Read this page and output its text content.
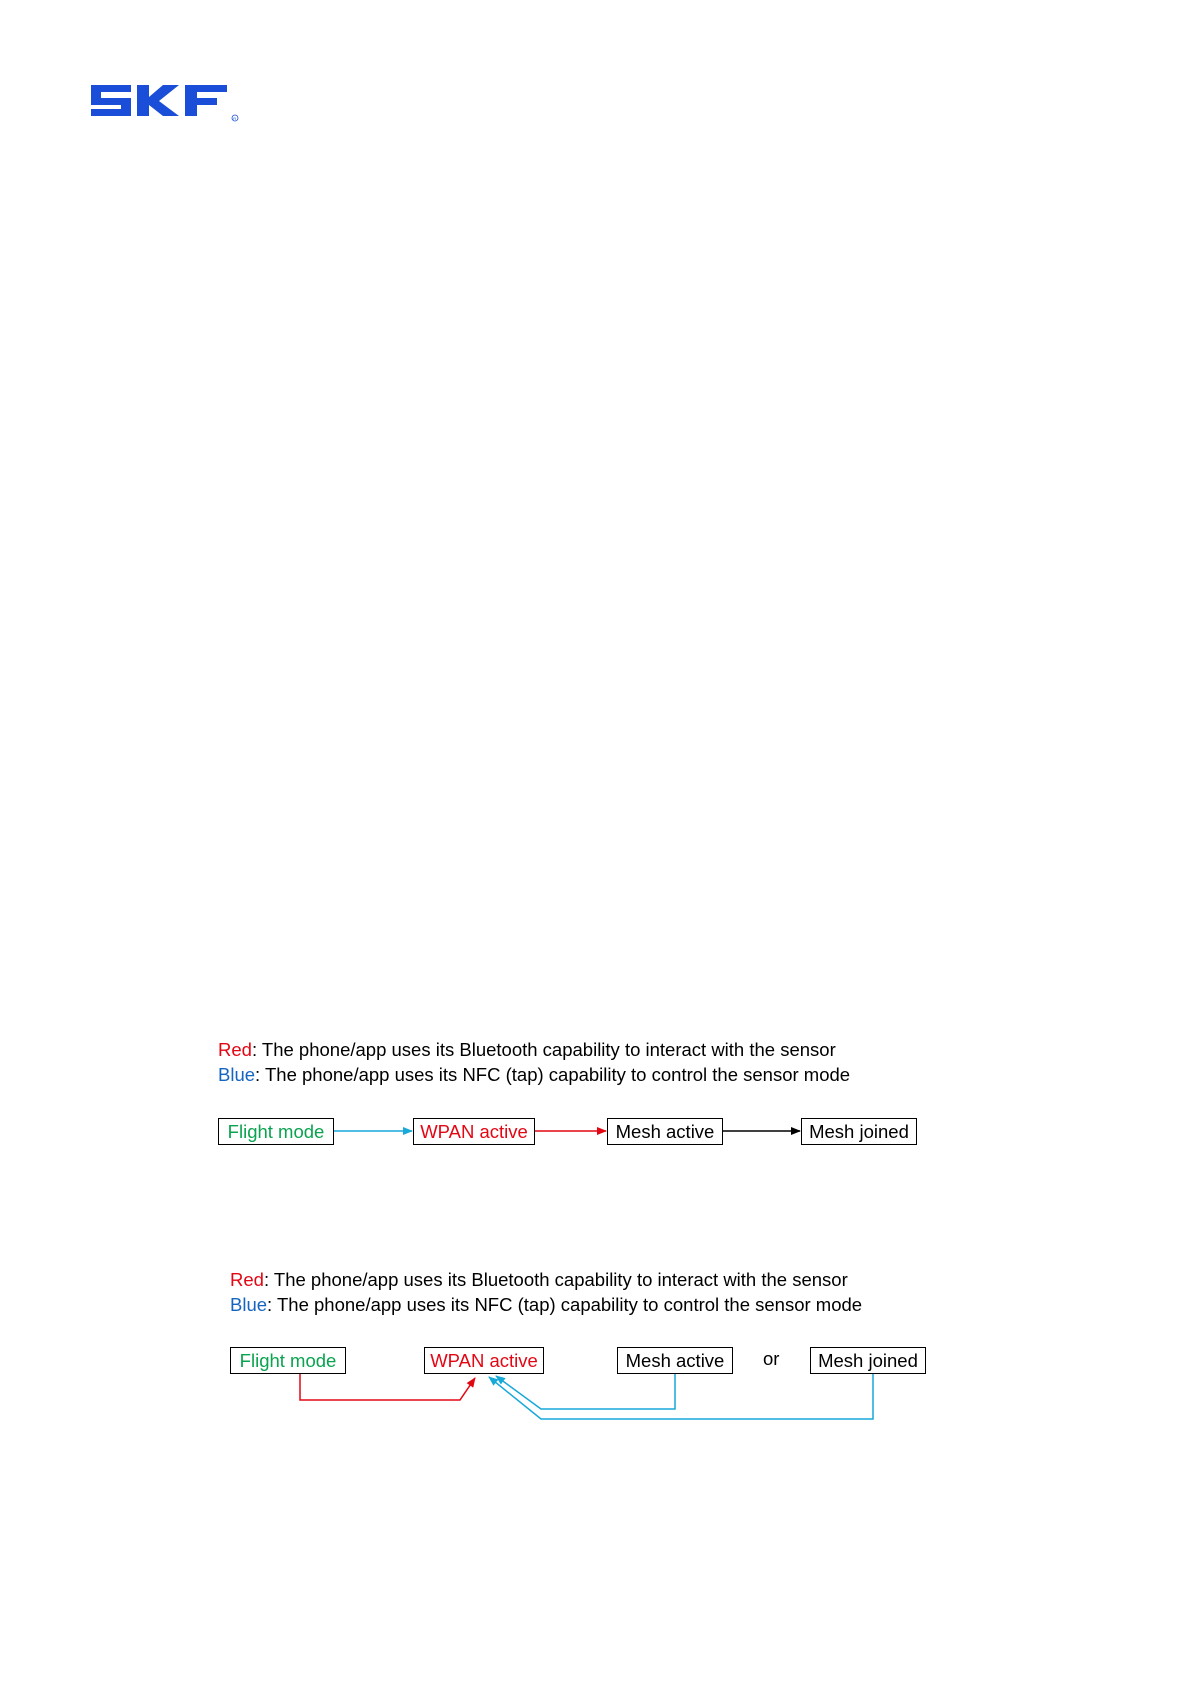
R
Red: The phone/app uses its Bluetooth capability to interact with the sensor
Blue: The phone/app uses its NFC (tap) capability to control the sensor mode
Flight mode	WPAN active	Mesh active	Mesh joined
Red: The phone/app uses its Bluetooth capability to interact with the sensor
Blue: The phone/app uses its NFC (tap) capability to control the sensor mode
Flight mode	WPAN active	Mesh active	or	Mesh joined
